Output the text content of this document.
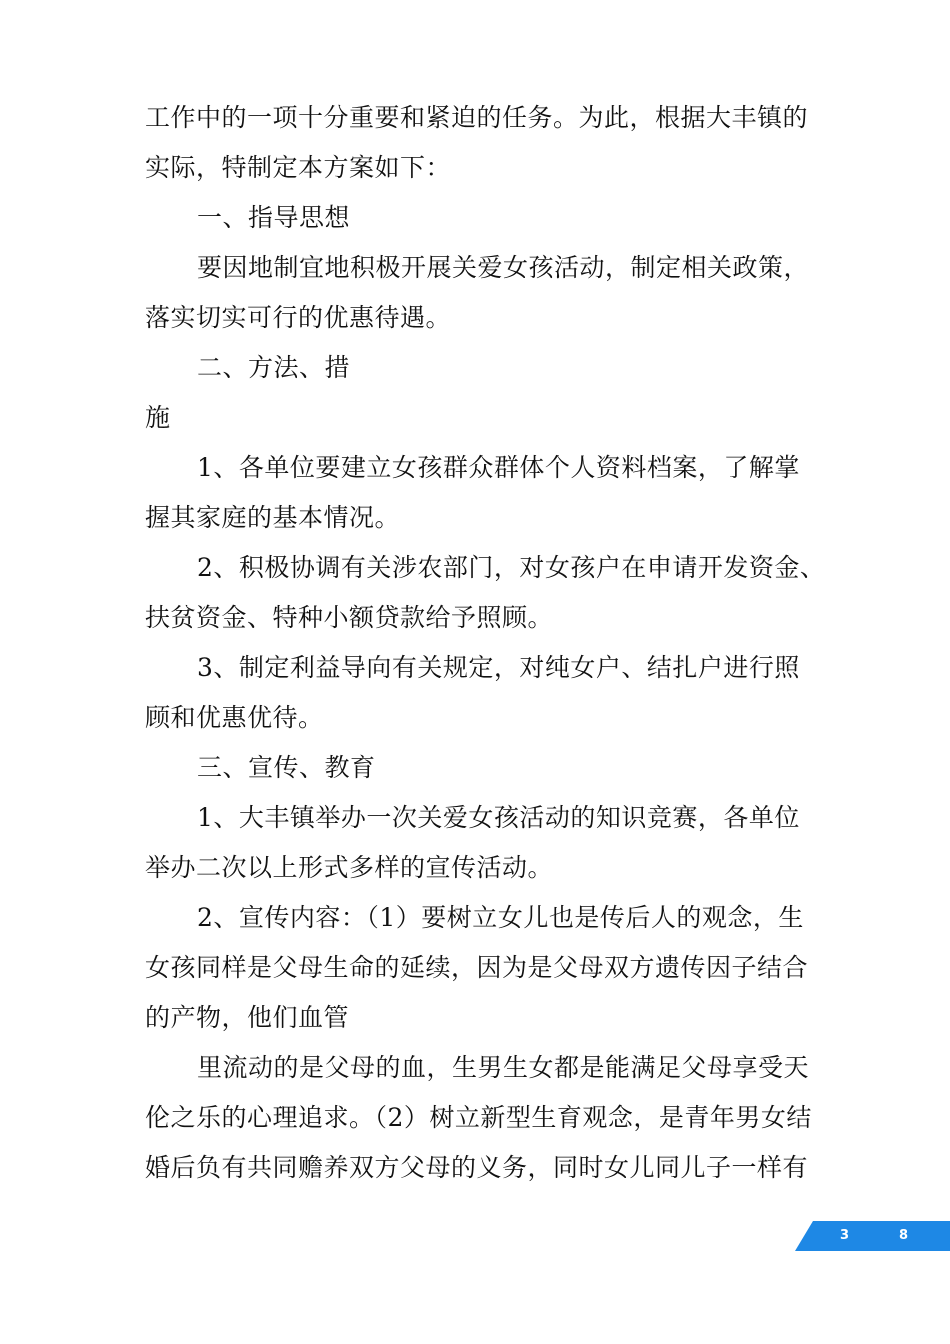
工作中的一项十分重要和紧迫的任务。为此，根据大丰镇的
实际，特制定本方案如下：
一、指导思想
要因地制宜地积极开展关爱女孩活动，制定相关政策，
落实切实可行的优惠待遇。
二、方法、措
施
1、各单位要建立女孩群众群体个人资料档案，了解掌
握其家庭的基本情况。
2、积极协调有关涉农部门，对女孩户在申请开发资金、
扶贫资金、特种小额贷款给予照顾。
3、制定利益导向有关规定，对纯女户、结扎户进行照
顾和优惠优待。
三、宣传、教育
1、大丰镇举办一次关爱女孩活动的知识竞赛，各单位
举办二次以上形式多样的宣传活动。
2、宣传内容：（1）要树立女儿也是传后人的观念，生
女孩同样是父母生命的延续，因为是父母双方遗传因子结合
的产物，他们血管
里流动的是父母的血，生男生女都是能满足父母享受天
伦之乐的心理追求。（2）树立新型生育观念，是青年男女结
婚后负有共同赡养双方父母的义务，同时女儿同儿子一样有
3	8
